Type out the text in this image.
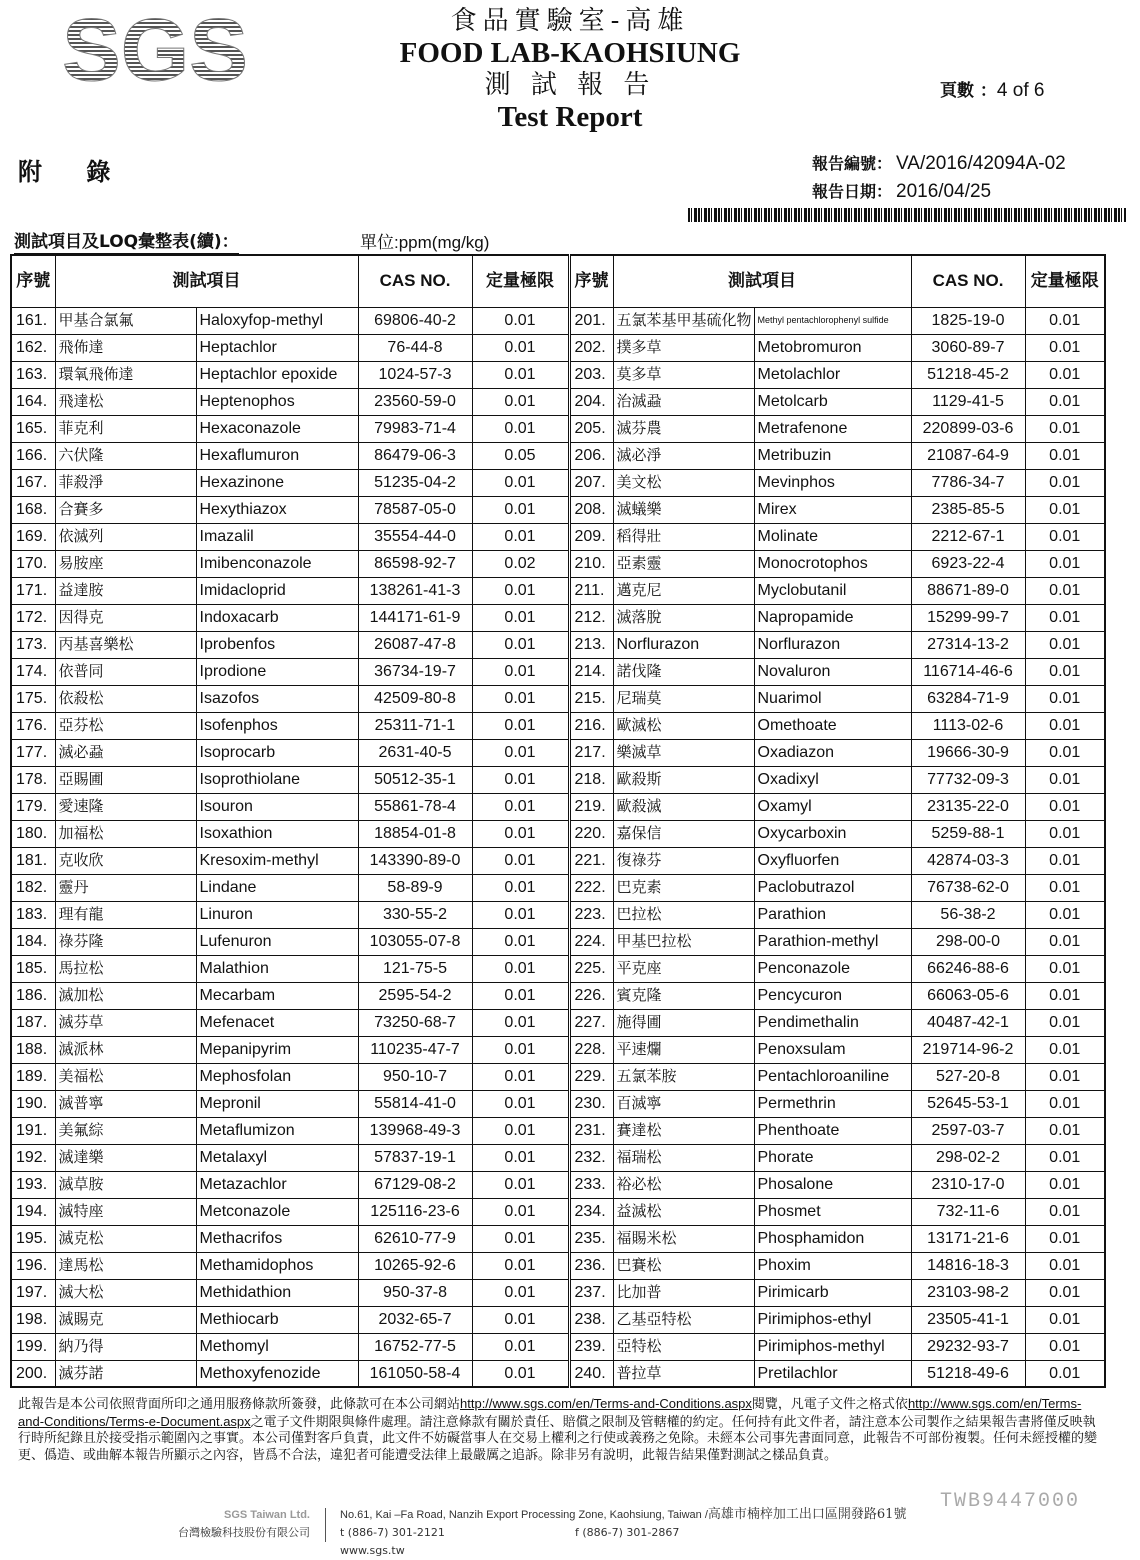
SGS	食品實驗室-高雄
FOOD LAB-KAOHSIUNG
測 試 報 告
Test Report
頁數 ：4 of 6
附 錄	報告編號： VA/2016/42094A-02
報告日期： 2016/04/25
測試項目及LOQ彙整表(續)：	單位:ppm(mg/kg)
序號	測試項目		CAS NO.	定量極限	序號	測試項目		CAS NO.	定量極限
161.	甲基合氯氟	Haloxyfop-methyl	69806-40-2	0.01	201.	五氯苯基甲基硫化物	Methyl pentachlorophenyl sulfide	1825-19-0	0.01
162.	飛佈達	Heptachlor	76-44-8	0.01	202.	撲多草	Metobromuron	3060-89-7	0.01
163.	環氧飛佈達	Heptachlor epoxide	1024-57-3	0.01	203.	莫多草	Metolachlor	51218-45-2	0.01
164.	飛達松	Heptenophos	23560-59-0	0.01	204.	治滅蝨	Metolcarb	1129-41-5	0.01
165.	菲克利	Hexaconazole	79983-71-4	0.01	205.	滅芬農	Metrafenone	220899-03-6	0.01
166.	六伏隆	Hexaflumuron	86479-06-3	0.05	206.	滅必淨	Metribuzin	21087-64-9	0.01
167.	菲殺淨	Hexazinone	51235-04-2	0.01	207.	美文松	Mevinphos	7786-34-7	0.01
168.	合賽多	Hexythiazox	78587-05-0	0.01	208.	滅蟻樂	Mirex	2385-85-5	0.01
169.	依滅列	Imazalil	35554-44-0	0.01	209.	稻得壯	Molinate	2212-67-1	0.01
170.	易胺座	Imibenconazole	86598-92-7	0.02	210.	亞素靈	Monocrotophos	6923-22-4	0.01
171.	益達胺	Imidacloprid	138261-41-3	0.01	211.	邁克尼	Myclobutanil	88671-89-0	0.01
172.	因得克	Indoxacarb	144171-61-9	0.01	212.	滅落脫	Napropamide	15299-99-7	0.01
173.	丙基喜樂松	Iprobenfos	26087-47-8	0.01	213.	Norflurazon	Norflurazon	27314-13-2	0.01
174.	依普同	Iprodione	36734-19-7	0.01	214.	諾伐隆	Novaluron	116714-46-6	0.01
175.	依殺松	Isazofos	42509-80-8	0.01	215.	尼瑞莫	Nuarimol	63284-71-9	0.01
176.	亞芬松	Isofenphos	25311-71-1	0.01	216.	歐滅松	Omethoate	1113-02-6	0.01
177.	滅必蝨	Isoprocarb	2631-40-5	0.01	217.	樂滅草	Oxadiazon	19666-30-9	0.01
178.	亞賜圃	Isoprothiolane	50512-35-1	0.01	218.	歐殺斯	Oxadixyl	77732-09-3	0.01
179.	愛速隆	Isouron	55861-78-4	0.01	219.	歐殺滅	Oxamyl	23135-22-0	0.01
180.	加福松	Isoxathion	18854-01-8	0.01	220.	嘉保信	Oxycarboxin	5259-88-1	0.01
181.	克收欣	Kresoxim-methyl	143390-89-0	0.01	221.	復祿芬	Oxyfluorfen	42874-03-3	0.01
182.	靈丹	Lindane	58-89-9	0.01	222.	巴克素	Paclobutrazol	76738-62-0	0.01
183.	理有龍	Linuron	330-55-2	0.01	223.	巴拉松	Parathion	56-38-2	0.01
184.	祿芬隆	Lufenuron	103055-07-8	0.01	224.	甲基巴拉松	Parathion-methyl	298-00-0	0.01
185.	馬拉松	Malathion	121-75-5	0.01	225.	平克座	Penconazole	66246-88-6	0.01
186.	滅加松	Mecarbam	2595-54-2	0.01	226.	賓克隆	Pencycuron	66063-05-6	0.01
187.	滅芬草	Mefenacet	73250-68-7	0.01	227.	施得圃	Pendimethalin	40487-42-1	0.01
188.	滅派林	Mepanipyrim	110235-47-7	0.01	228.	平速爛	Penoxsulam	219714-96-2	0.01
189.	美福松	Mephosfolan	950-10-7	0.01	229.	五氯苯胺	Pentachloroaniline	527-20-8	0.01
190.	滅普寧	Mepronil	55814-41-0	0.01	230.	百滅寧	Permethrin	52645-53-1	0.01
191.	美氟綜	Metaflumizon	139968-49-3	0.01	231.	賽達松	Phenthoate	2597-03-7	0.01
192.	滅達樂	Metalaxyl	57837-19-1	0.01	232.	福瑞松	Phorate	298-02-2	0.01
193.	滅草胺	Metazachlor	67129-08-2	0.01	233.	裕必松	Phosalone	2310-17-0	0.01
194.	滅特座	Metconazole	125116-23-6	0.01	234.	益滅松	Phosmet	732-11-6	0.01
195.	滅克松	Methacrifos	62610-77-9	0.01	235.	福賜米松	Phosphamidon	13171-21-6	0.01
196.	達馬松	Methamidophos	10265-92-6	0.01	236.	巴賽松	Phoxim	14816-18-3	0.01
197.	滅大松	Methidathion	950-37-8	0.01	237.	比加普	Pirimicarb	23103-98-2	0.01
198.	滅賜克	Methiocarb	2032-65-7	0.01	238.	乙基亞特松	Pirimiphos-ethyl	23505-41-1	0.01
199.	納乃得	Methomyl	16752-77-5	0.01	239.	亞特松	Pirimiphos-methyl	29232-93-7	0.01
200.	滅芬諾	Methoxyfenozide	161050-58-4	0.01	240.	普拉草	Pretilachlor	51218-49-6	0.01
此報告是本公司依照背面所印之通用服務條款所簽發，此條款可在本公司網站http://www.sgs.com/en/Terms-and-Conditions.aspx閱覽，凡電子文件之格式依http://www.sgs.com/en/Terms-and-Conditions/Terms-e-Document.aspx之電子文件期限與條件處理。請注意條款有關於責任、賠償之限制及管轄權的約定。任何持有此文件者，請注意本公司製作之結果報告書將僅反映執行時所紀錄且於接受指示範圍內之事實。本公司僅對客戶負責，此文件不妨礙當事人在交易上權利之行使或義務之免除。未經本公司事先書面同意，此報告不可部份複製。任何未經授權的變更、僞造、或曲解本報告所顯示之內容，皆爲不合法，違犯者可能遭受法律上最嚴厲之追訴。除非另有說明，此報告結果僅對測試之樣品負責。
TWB9447000
SGS Taiwan Ltd.
台灣檢驗科技股份有限公司
No.61, Kai –Fa Road, Nanzih Export Processing Zone, Kaohsiung, Taiwan /高雄市楠梓加工出口區開發路61號
t (886-7) 301-2121	f (886-7) 301-2867www.sgs.tw
